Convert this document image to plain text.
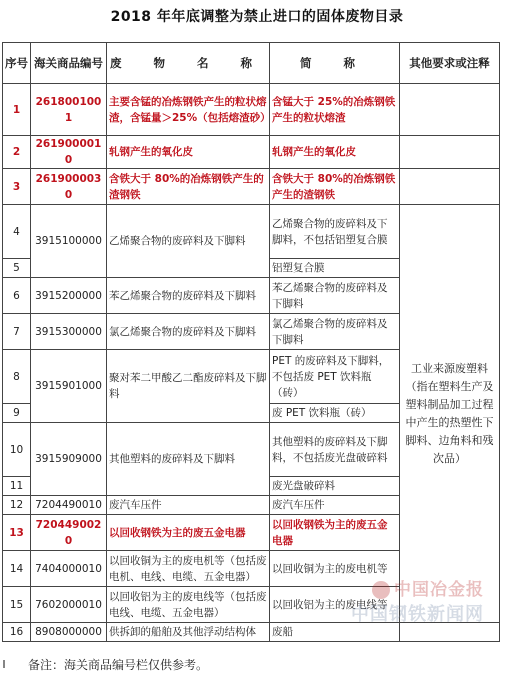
2018 年年底调整为禁止进口的固体废物目录
序号	海关商品编号	废 物 名 称	简 称	其他要求或注释	
1	2618001001	主要含锰的冶炼钢铁产生的粒状熔渣，含锰量＞25%（包括熔渣砂）	含锰大于 25%的冶炼钢铁产生的粒状熔渣		
2	2619000010	轧钢产生的氧化皮	轧钢产生的氧化皮		
3	2619000030	含铁大于 80%的冶炼钢铁产生的渣钢铁	含铁大于 80%的冶炼钢铁产生的渣钢铁		
4	3915100000	乙烯聚合物的废碎料及下脚料	乙烯聚合物的废碎料及下脚料，不包括铝塑复合膜	工业来源废塑料（指在塑料生产及塑料制品加工过程中产生的热塑性下脚料、边角料和残次品）	
5			铝塑复合膜		
6	3915200000	苯乙烯聚合物的废碎料及下脚料	苯乙烯聚合物的废碎料及下脚料		
7	3915300000	氯乙烯聚合物的废碎料及下脚料	氯乙烯聚合物的废碎料及下脚料		
8	3915901000	聚对苯二甲酸乙二酯废碎料及下脚料	PET 的废碎料及下脚料，不包括废 PET 饮料瓶（砖）		
9			废 PET 饮料瓶（砖）		
10	3915909000	其他塑料的废碎料及下脚料	其他塑料的废碎料及下脚料，不包括废光盘破碎料		
11			废光盘破碎料		
12	7204490010	废汽车压件	废汽车压件		
13	7204490020	以回收钢铁为主的废五金电器	以回收钢铁为主的废五金电器		
14	7404000010	以回收铜为主的废电机等（包括废电机、电线、电缆、五金电器）	以回收铜为主的废电机等		
15	7602000010	以回收铝为主的废电线等（包括废电线、电缆、五金电器）	以回收铝为主的废电线等		
16	8908000000	供拆卸的船舶及其他浮动结构体	废船		
中国冶金报
中国钢铁新闻网
备注：海关商品编号栏仅供参考。
